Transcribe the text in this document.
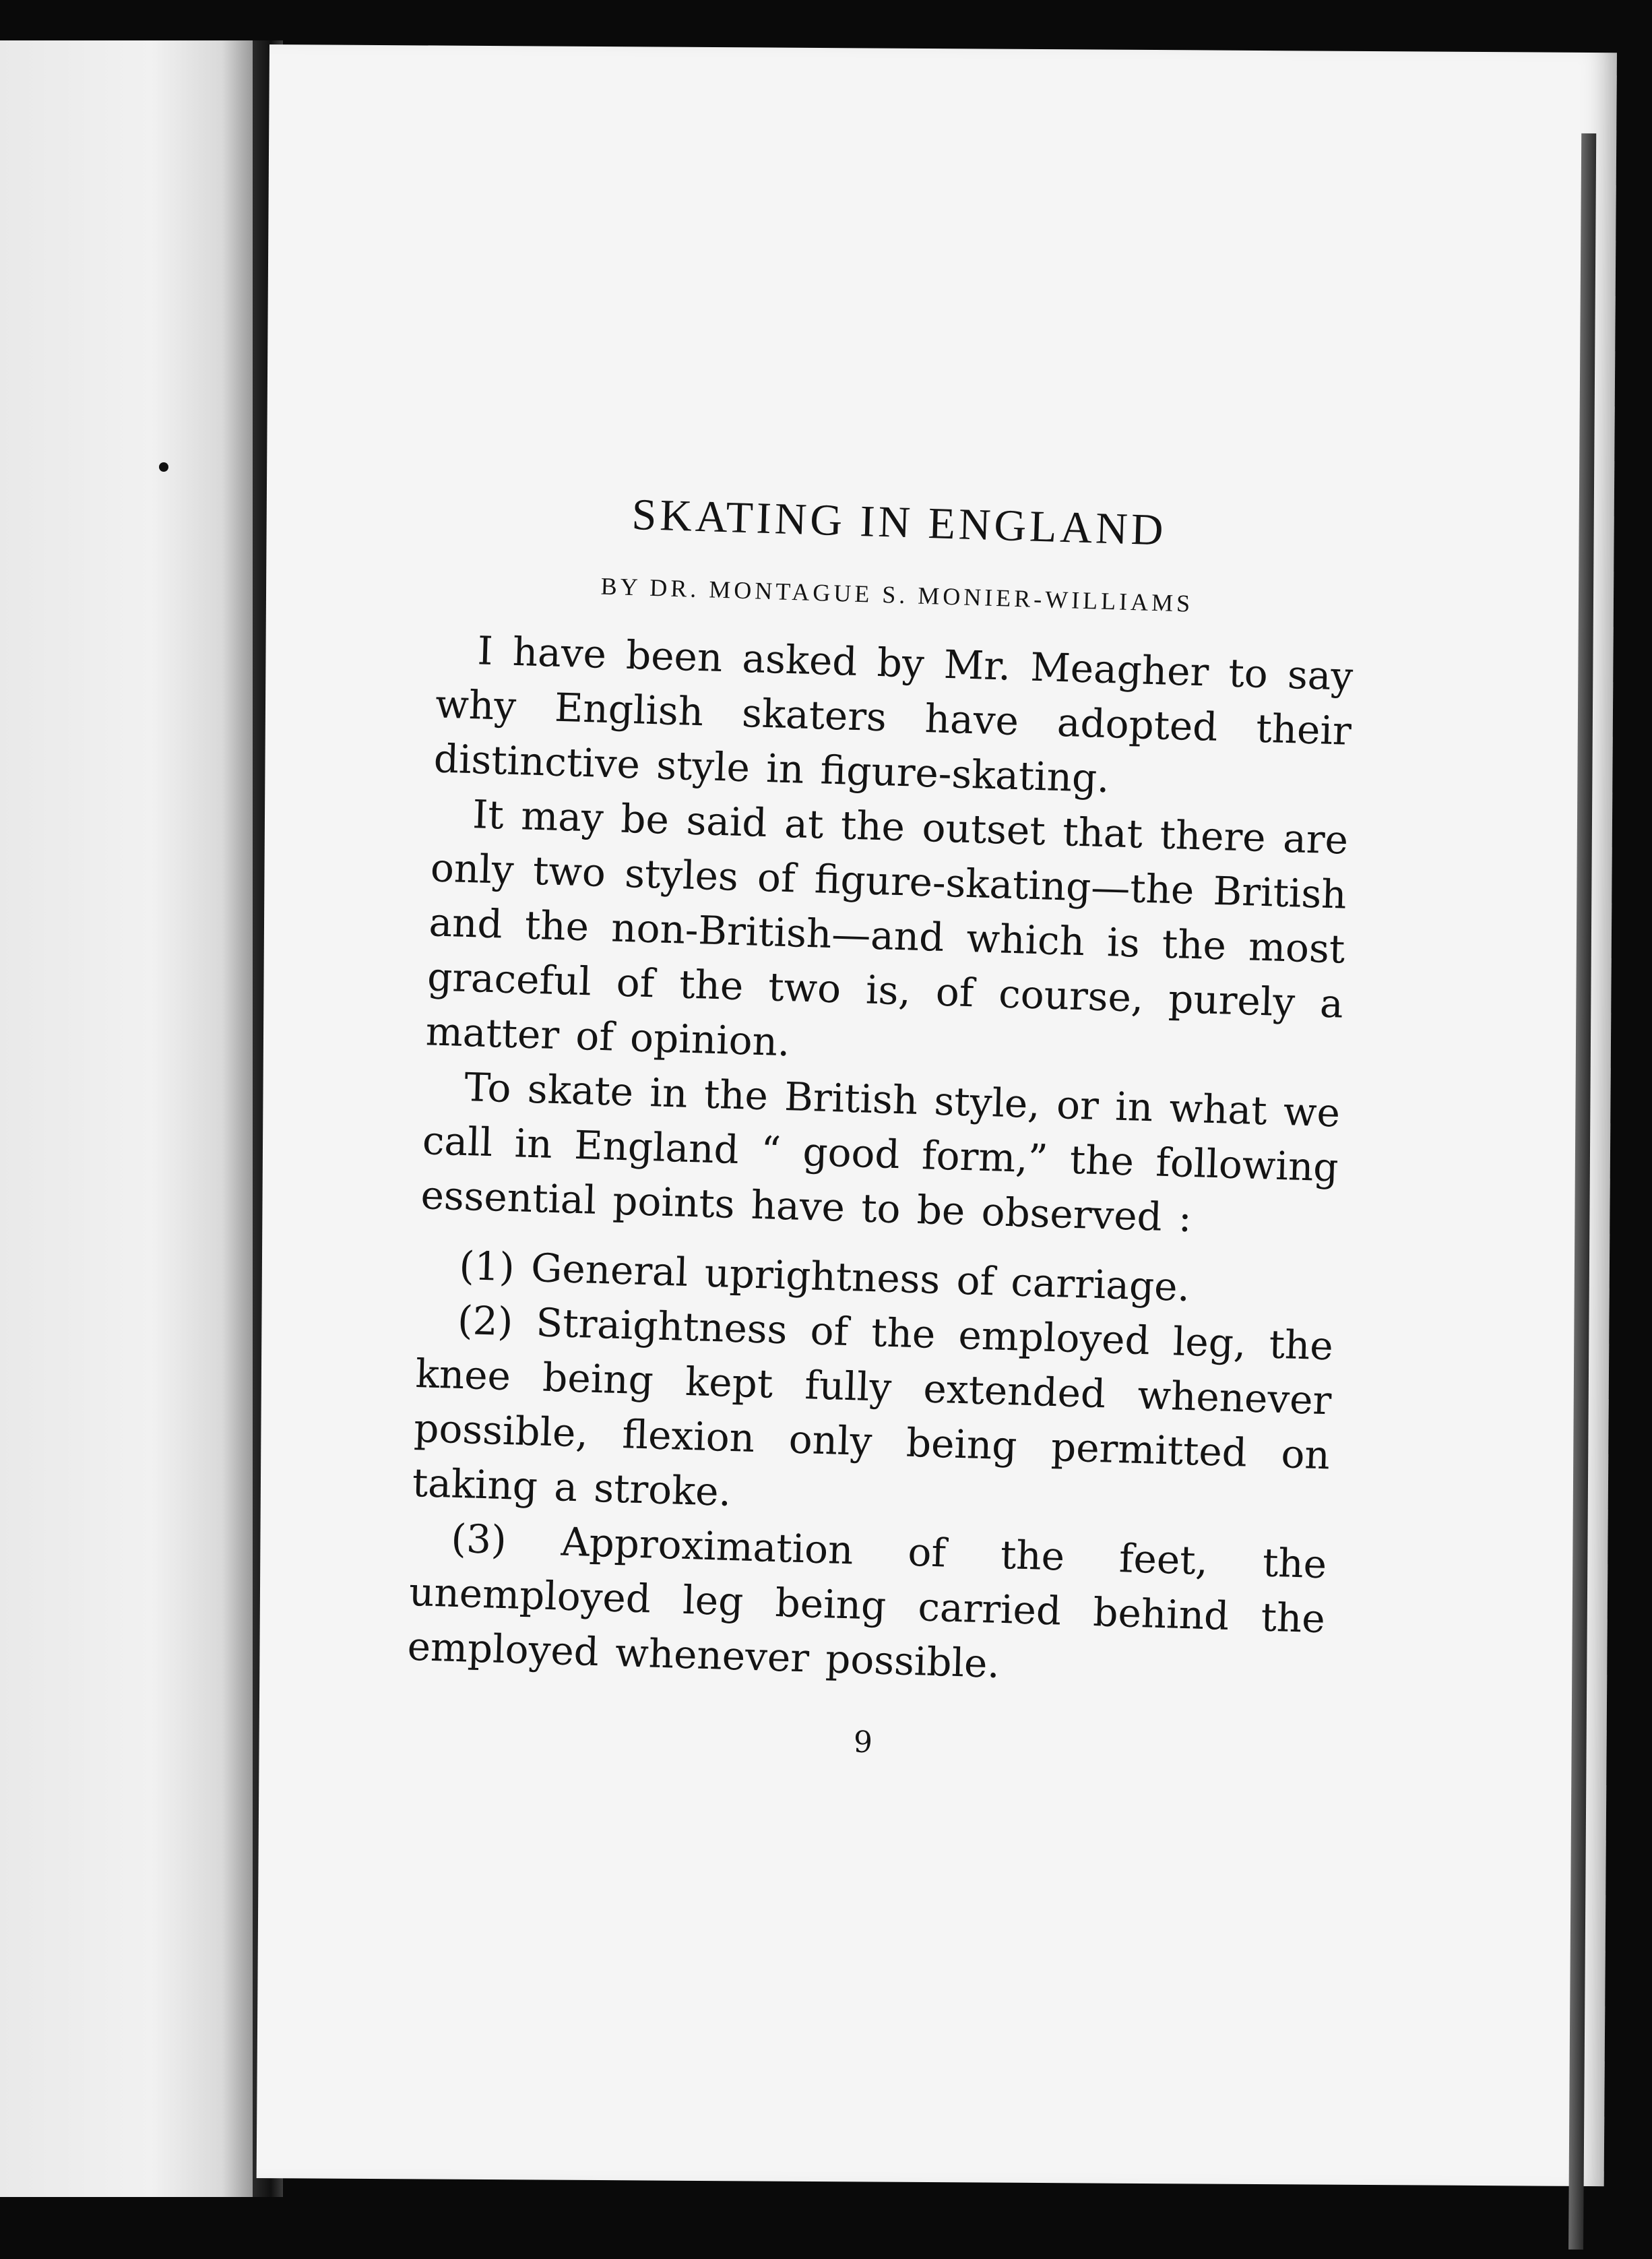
SKATING IN ENGLAND
BY DR. MONTAGUE S. MONIER-WILLIAMS

I have been asked by Mr. Meagher to say why English skaters have adopted their distinctive style in figure-skating.

It may be said at the outset that there are only two styles of figure-skating—the British and the non-British—and which is the most graceful of the two is, of course, purely a matter of opinion.

To skate in the British style, or in what we call in England “ good form,” the following essential points have to be observed :

(1) General uprightness of carriage.

(2) Straightness of the employed leg, the knee being kept fully extended whenever possible, flexion only being permitted on taking a stroke.

(3) Approximation of the feet, the unemployed leg being carried behind the employed whenever possible.

9
